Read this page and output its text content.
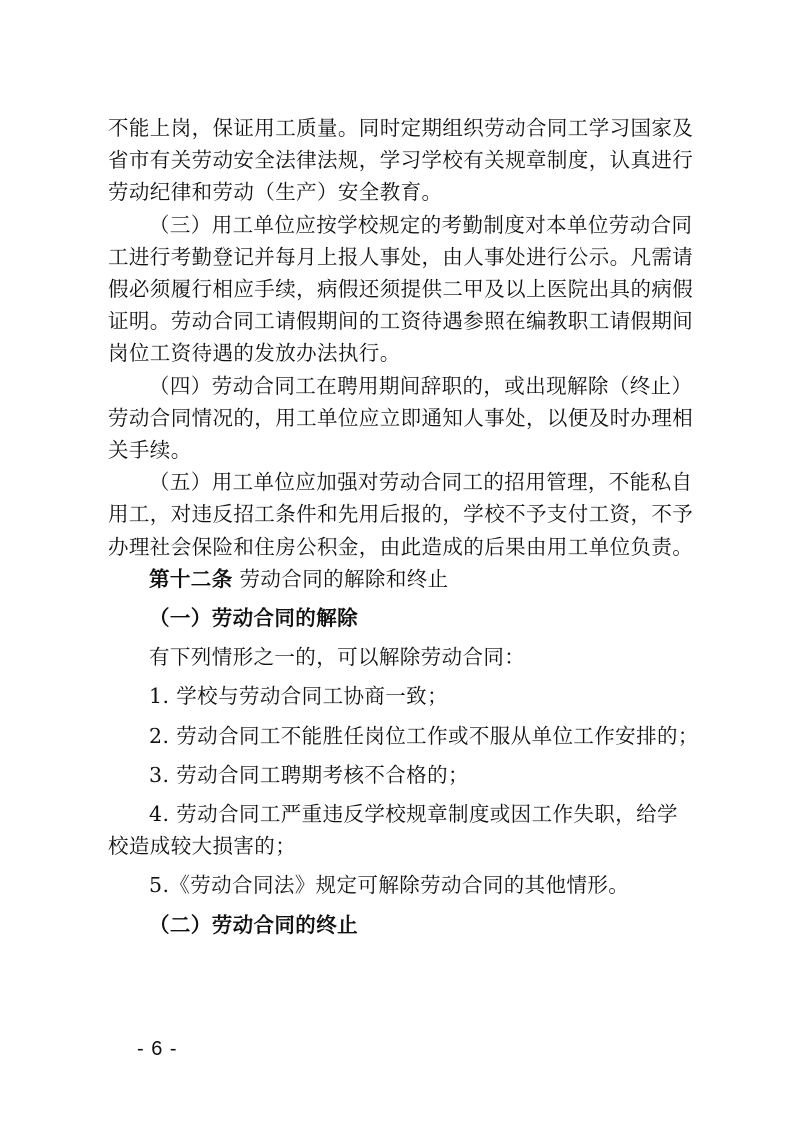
不能上岗，保证用工质量。同时定期组织劳动合同工学习国家及
省市有关劳动安全法律法规，学习学校有关规章制度，认真进行
劳动纪律和劳动（生产）安全教育。

（三）用工单位应按学校规定的考勤制度对本单位劳动合同
工进行考勤登记并每月上报人事处，由人事处进行公示。凡需请
假必须履行相应手续，病假还须提供二甲及以上医院出具的病假
证明。劳动合同工请假期间的工资待遇参照在编教职工请假期间
岗位工资待遇的发放办法执行。

（四）劳动合同工在聘用期间辞职的，或出现解除（终止）
劳动合同情况的，用工单位应立即通知人事处，以便及时办理相
关手续。

（五）用工单位应加强对劳动合同工的招用管理，不能私自
用工，对违反招工条件和先用后报的，学校不予支付工资，不予
办理社会保险和住房公积金，由此造成的后果由用工单位负责。

第十二条 劳动合同的解除和终止

（一）劳动合同的解除

有下列情形之一的，可以解除劳动合同：

1. 学校与劳动合同工协商一致；

2. 劳动合同工不能胜任岗位工作或不服从单位工作安排的；

3. 劳动合同工聘期考核不合格的；

4. 劳动合同工严重违反学校规章制度或因工作失职，给学
校造成较大损害的；

5.《劳动合同法》规定可解除劳动合同的其他情形。

（二）劳动合同的终止

- 6 -
